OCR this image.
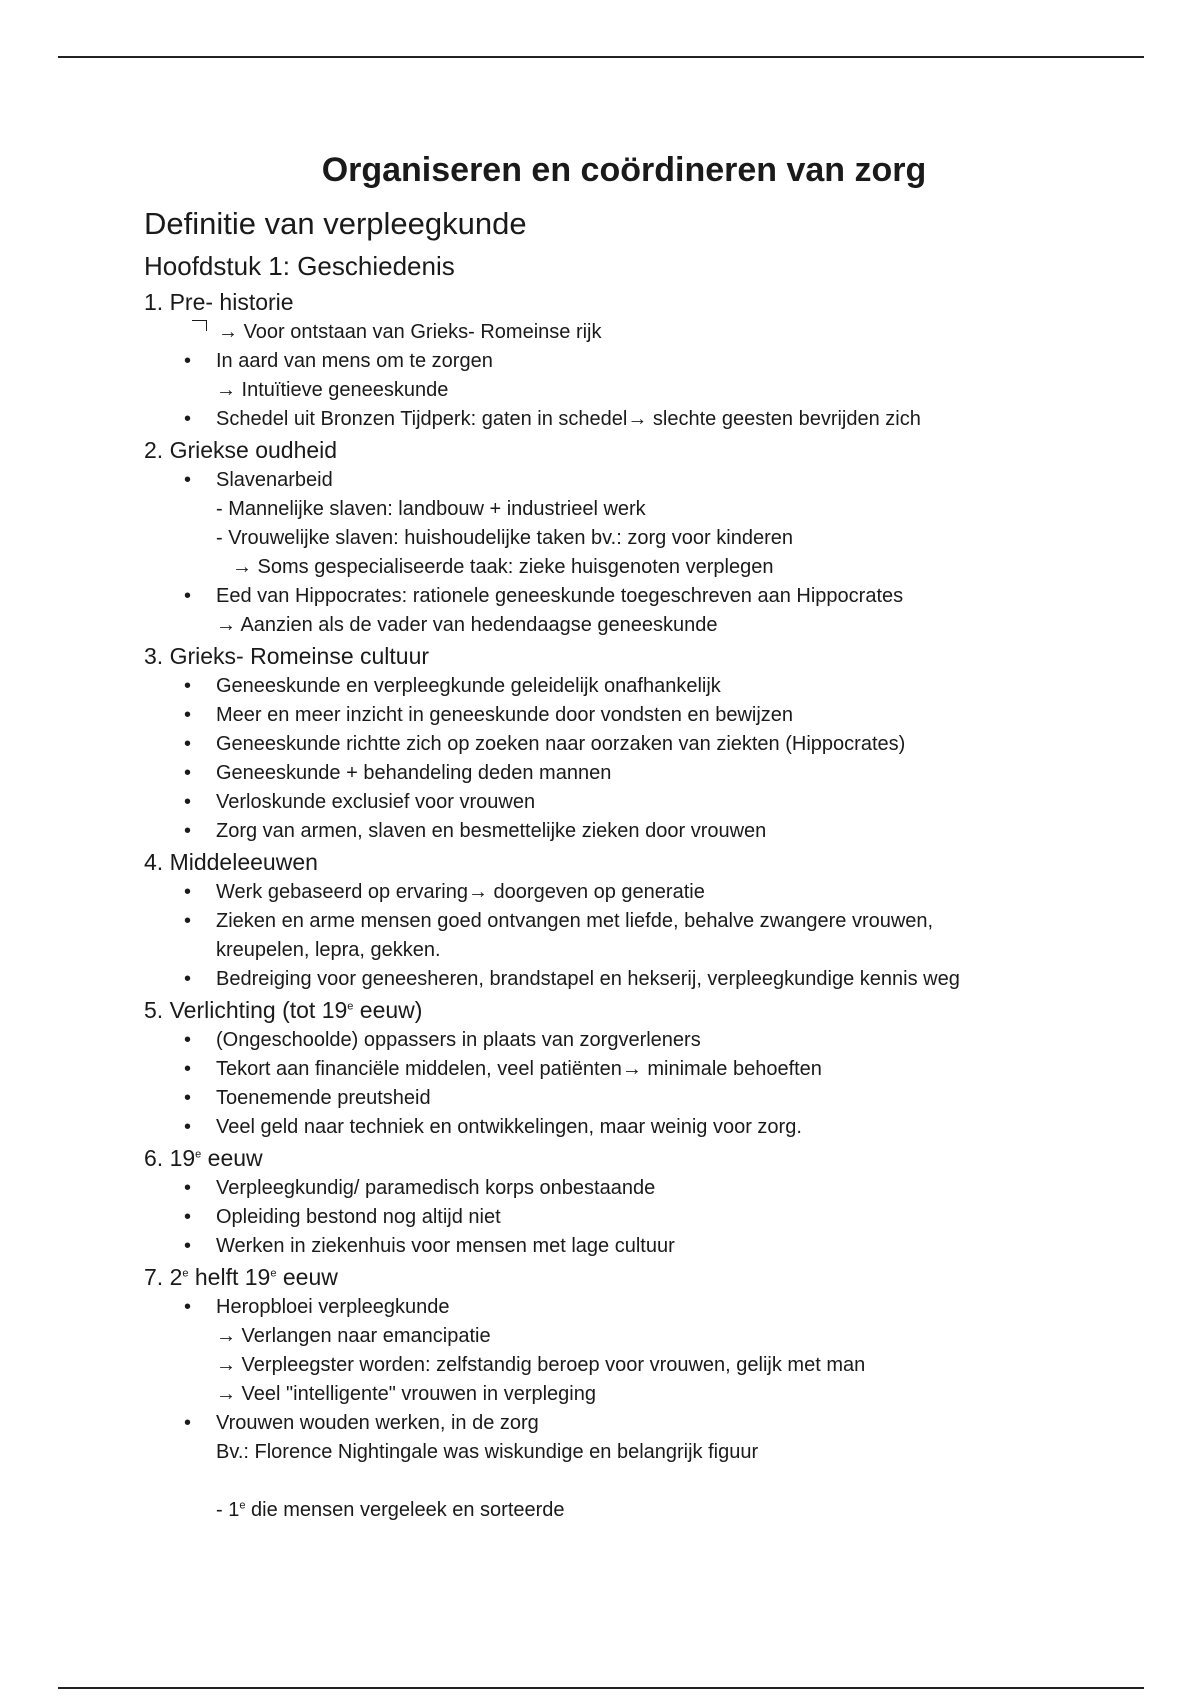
Organiseren en coördineren van zorg
Definitie van verpleegkunde
Hoofdstuk 1: Geschiedenis
1. Pre- historie
→ Voor ontstaan van Grieks- Romeinse rijk
• In aard van mens om te zorgen
→ Intuïtieve geneeskunde
• Schedel uit Bronzen Tijdperk: gaten in schedel→ slechte geesten bevrijden zich
2. Griekse oudheid
• Slavenarbeid
- Mannelijke slaven: landbouw + industrieel werk
- Vrouwelijke slaven: huishoudelijke taken bv.: zorg voor kinderen
→ Soms gespecialiseerde taak: zieke huisgenoten verplegen
• Eed van Hippocrates: rationele geneeskunde toegeschreven aan Hippocrates
→ Aanzien als de vader van hedendaagse geneeskunde
3. Grieks- Romeinse cultuur
• Geneeskunde en verpleegkunde geleidelijk onafhankelijk
• Meer en meer inzicht in geneeskunde door vondsten en bewijzen
• Geneeskunde richtte zich op zoeken naar oorzaken van ziekten (Hippocrates)
• Geneeskunde + behandeling deden mannen
• Verloskunde exclusief voor vrouwen
• Zorg van armen, slaven en besmettelijke zieken door vrouwen
4. Middeleeuwen
• Werk gebaseerd op ervaring→ doorgeven op generatie
• Zieken en arme mensen goed ontvangen met liefde, behalve zwangere vrouwen,
kreupelen, lepra, gekken.
• Bedreiging voor geneesheren, brandstapel en hekserij, verpleegkundige kennis weg
5. Verlichting (tot 19e eeuw)
• (Ongeschoolde) oppassers in plaats van zorgverleners
• Tekort aan financiële middelen, veel patiënten→ minimale behoeften
• Toenemende preutsheid
• Veel geld naar techniek en ontwikkelingen, maar weinig voor zorg.
6. 19e eeuw
• Verpleegkundig/ paramedisch korps onbestaande
• Opleiding bestond nog altijd niet
• Werken in ziekenhuis voor mensen met lage cultuur
7. 2e helft 19e eeuw
• Heropbloei verpleegkunde
→ Verlangen naar emancipatie
→ Verpleegster worden: zelfstandig beroep voor vrouwen, gelijk met man
→ Veel "intelligente" vrouwen in verpleging
• Vrouwen wouden werken, in de zorg
Bv.: Florence Nightingale was wiskundige en belangrijk figuur
- 1e die mensen vergeleek en sorteerde
